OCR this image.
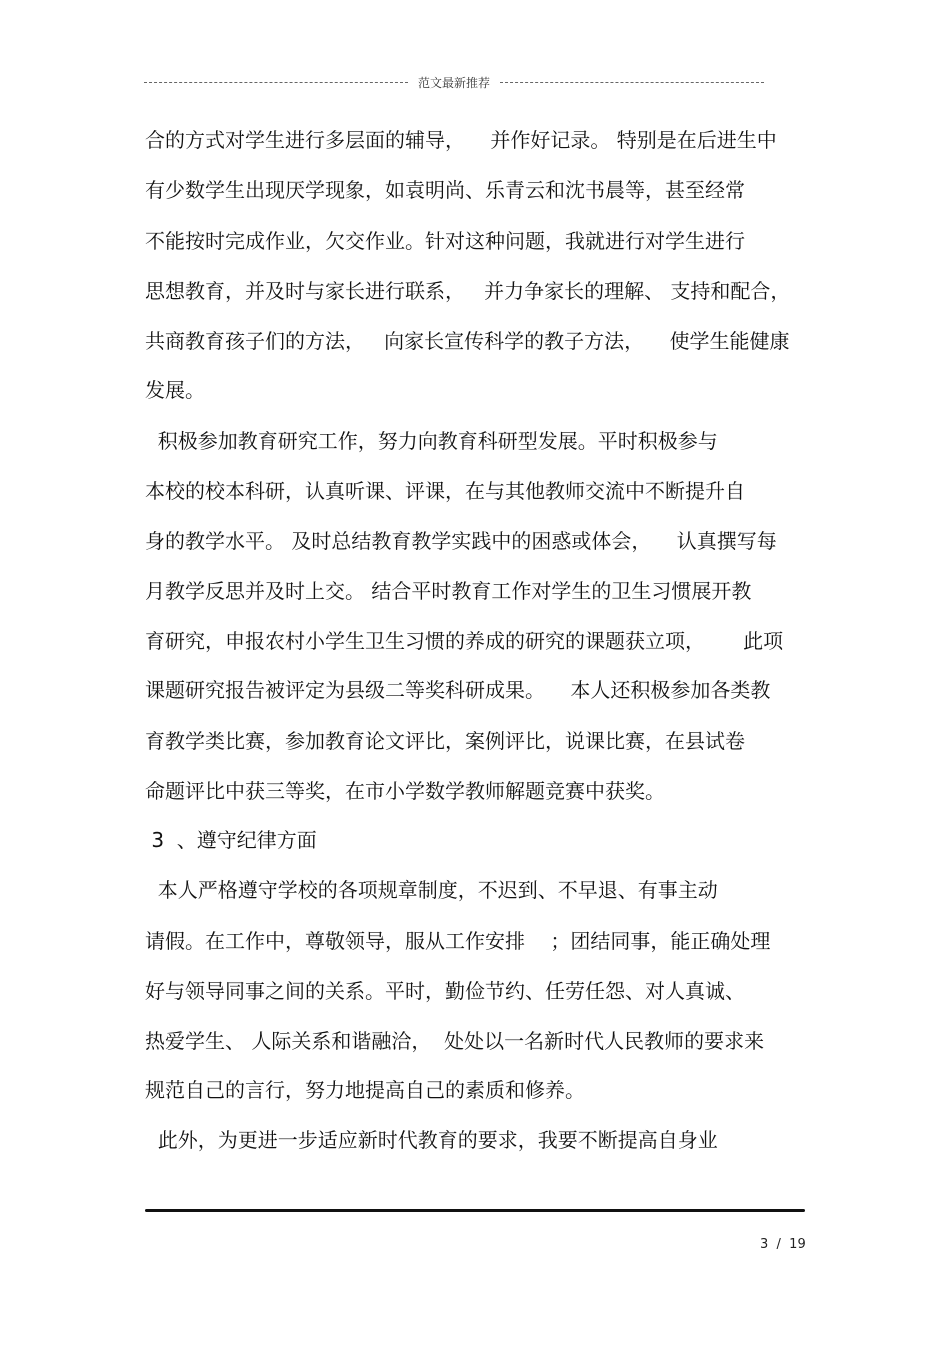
范文最新推荐
合的方式对学生进行多层面的辅导，    并作好记录。 特别是在后进生中
有少数学生出现厌学现象，如袁明尚、乐青云和沈书晨等，甚至经常
不能按时完成作业，欠交作业。针对这种问题，我就进行对学生进行
思想教育，并及时与家长进行联系，   并力争家长的理解、 支持和配合，
共商教育孩子们的方法，   向家长宣传科学的教子方法，    使学生能健康
发展。
积极参加教育研究工作，努力向教育科研型发展。平时积极参与
本校的校本科研，认真听课、评课，在与其他教师交流中不断提升自
身的教学水平。 及时总结教育教学实践中的困惑或体会，    认真撰写每
月教学反思并及时上交。 结合平时教育工作对学生的卫生习惯展开教
育研究，申报农村小学生卫生习惯的养成的研究的课题获立项，      此项
课题研究报告被评定为县级二等奖科研成果。    本人还积极参加各类教
育教学类比赛，参加教育论文评比，案例评比，说课比赛，在县试卷
命题评比中获三等奖，在市小学数学教师解题竞赛中获奖。
3  、遵守纪律方面
本人严格遵守学校的各项规章制度，不迟到、不早退、有事主动
请假。在工作中，尊敬领导，服从工作安排    ；团结同事，能正确处理
好与领导同事之间的关系。平时，勤俭节约、任劳任怨、对人真诚、
热爱学生、 人际关系和谐融洽，  处处以一名新时代人民教师的要求来
规范自己的言行，努力地提高自己的素质和修养。
此外，为更进一步适应新时代教育的要求，我要不断提高自身业
3  /  19
